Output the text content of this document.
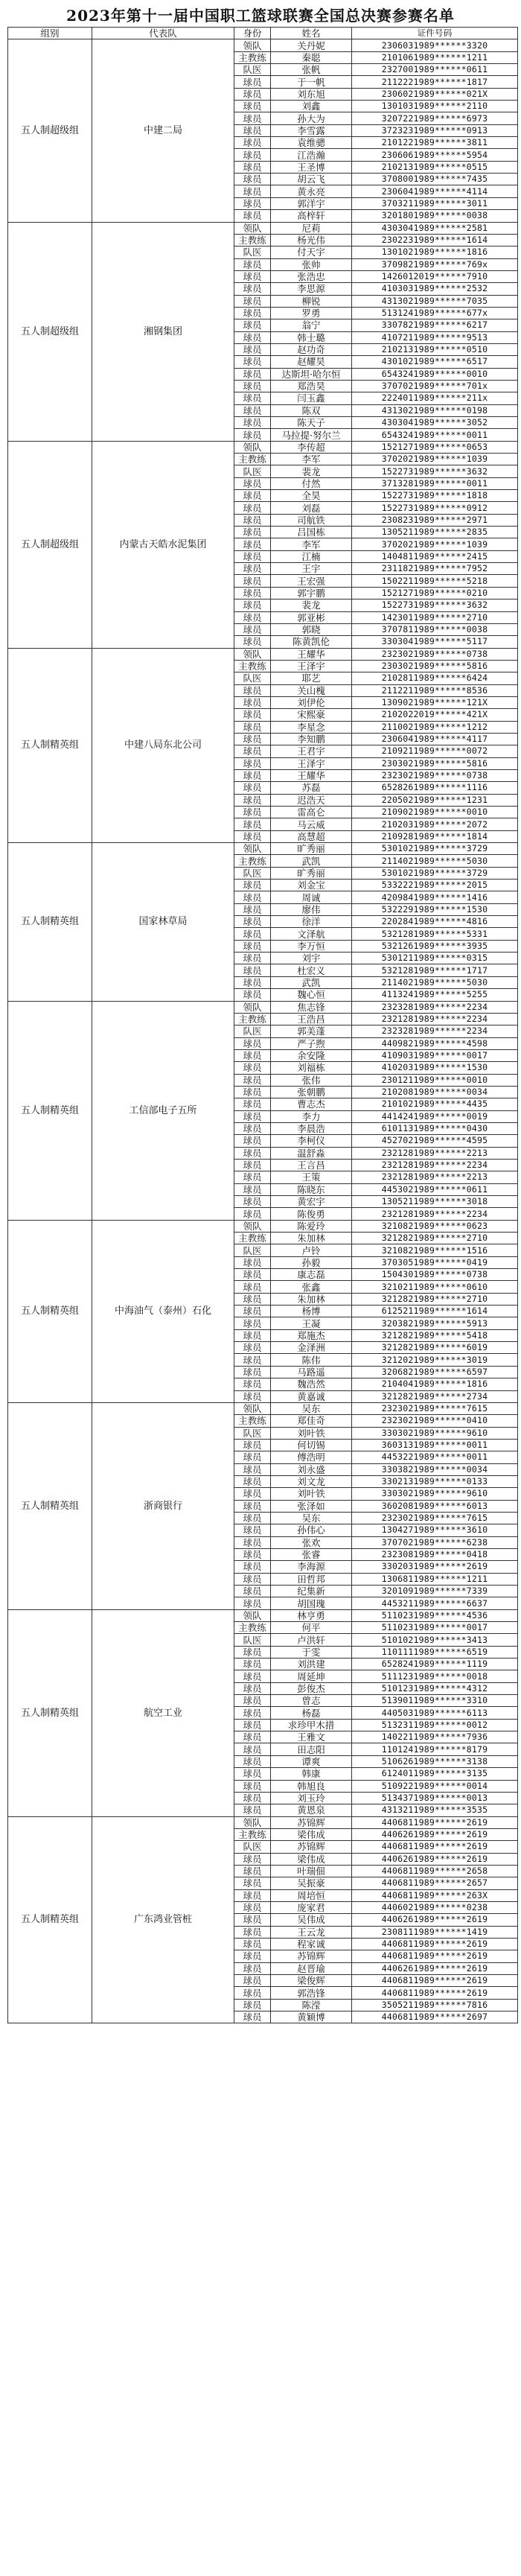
2023年第十一届中国职工篮球联赛全国总决赛参赛名单
组别	代表队	身份	姓名	证件号码
五人制超级组	中建二局	领队	关丹妮	2306031989******3320
		主教练	秦聪	2101061989******1211
		队医	张帆	2327001989******0611
		球员	于一帆	2112221989******1817
		球员	刘东旭	2306021989******021X
		球员	刘鑫	1301031989******2110
		球员	孙大为	3207221989******6973
		球员	李雪露	3723231989******0913
		球员	袁维骢	2101221989******3811
		球员	江浩瀚	2306061989******5954
		球员	王圣博	2102131989******0515
		球员	胡云飞	3708001989******7435
		球员	黄永亮	2306041989******4114
		球员	郭洋宇	3703211989******3011
		球员	高梓轩	3201801989******0038
五人制超级组	湘钢集团	领队	尼莉	4303041989******2581
		主教练	杨光伟	2302231989******1614
		队医	付天宇	1301021989******1816
		球员	张帅	3709821989******769x
		球员	张浩忠	1426012019******7910
		球员	李思源	4103031989******2532
		球员	柳锐	4313021989******7035
		球员	罗勇	5131241989******677x
		球员	翁宁	3307821989******6217
		球员	韩士璐	4107211989******9513
		球员	赵功奇	2102131989******0510
		球员	赵耀昊	4301021989******6517
		球员	达斯坦·哈尔恒	6543241989******0010
		球员	郑浩昊	3707021989******701x
		球员	闫玉鑫	2224011989******211x
		球员	陈双	4313021989******0198
		球员	陈天子	4303041989******3052
		球员	马拉提·努尔兰	6543241989******0011
五人制超级组	内蒙古天皓水泥集团	领队	李传超	1521271989******0653
		主教练	李军	3702021989******1039
		队医	裴龙	1522731989******3632
		球员	付然	3713281989******0011
		球员	全昊	1522731989******1818
		球员	刘磊	1522731989******0912
		球员	司航铁	2308231989******2971
		球员	吕国栋	1305211989******2835
		球员	李军	3702021989******1039
		球员	江楠	1404811989******2415
		球员	王宇	2311821989******7952
		球员	王宏强	1502211989******5218
		球员	郭宇鹏	1521271989******0210
		球员	裴龙	1522731989******3632
		球员	郭亚彬	1423011989******2710
		球员	郭晓	3707811989******0038
		球员	陈黄凯伦	3303041989******5117
五人制精英组	中建八局东北公司	领队	王耀华	2323021989******0738
		主教练	王泽宇	2303021989******5816
		队医	耶艺	2102811989******6424
		球员	关山槐	2112211989******8536
		球员	刘伊伦	1309021989******121X
		球员	宋熙豪	2102022019******421X
		球员	李星念	2110021989******1212
		球员	李知鹏	2306041989******4117
		球员	王君宇	2109211989******0072
		球员	王泽宇	2303021989******5816
		球员	王耀华	2323021989******0738
		球员	苏磊	6528261989******1116
		球员	迟浩天	2205021989******1231
		球员	雷高仑	2109021989******0010
		球员	马云威	2102031989******2072
		球员	高慧超	2109281989******1814
五人制精英组	国家林草局	领队	旷秀丽	5301021989******3729
		主教练	武凯	2114021989******5030
		队医	旷秀丽	5301021989******3729
		球员	刘金宝	5332221989******2015
		球员	周诚	4209841989******1416
		球员	廖伟	5322291989******1530
		球员	徐洋	2202841989******4816
		球员	文泽航	5321281989******5331
		球员	李万恒	5321261989******3935
		球员	刘宇	5301211989******0315
		球员	杜宏义	5321281989******1717
		球员	武凯	2114021989******5030
		球员	魏心恒	4113241989******5255
五人制精英组	工信部电子五所	领队	焦志锋	2323281989******2234
		主教练	王浩昌	2321281989******2234
		队医	郭美蓬	2323281989******2234
		球员	严子煦	4409821989******4598
		球员	余安隆	4109031989******0017
		球员	刘福栋	4102031989******1530
		球员	张伟	2301211989******0010
		球员	张朝鹏	2102081989******0034
		球员	曹志杰	2101021989******4435
		球员	李力	4414241989******0019
		球员	李晨浩	6101131989******0430
		球员	李柯仪	4527021989******4595
		球员	温舒淼	2321281989******2213
		球员	王言昌	2321281989******2234
		球员	王策	2321281989******2213
		球员	陈晓东	4453021989******0611
		球员	黄宏宇	1305211989******3018
		球员	陈俊勇	2321281989******2234
五人制精英组	中海油气（泰州）石化	领队	陈爱玲	3210821989******0623
		主教练	朱加林	3212821989******2710
		队医	卢铃	3210821989******1516
		球员	孙毅	3703051989******0419
		球员	康志磊	1504301989******0738
		球员	张鑫	3210211989******0610
		球员	朱加林	3212821989******2710
		球员	杨博	6125211989******1614
		球员	王凝	3203821989******5913
		球员	郑施杰	3212821989******5418
		球员	金泽洲	3212821989******6019
		球员	陈伟	3212021989******3019
		球员	马路遥	3206821989******6597
		球员	魏浩然	2104041989******1816
		球员	黄嘉诚	3212821989******2734
五人制精英组	浙商银行	领队	吴东	2323021989******7615
		主教练	郑佳奇	2323021989******0410
		队医	刘叶铁	3303021989******9610
		球员	何切锡	3603131989******0011
		球员	傅浩明	4453221989******0011
		球员	刘永盛	3303821989******0034
		球员	刘文龙	3302131989******0133
		球员	刘叶铁	3303021989******9610
		球员	张泽如	3602081989******6013
		球员	吴东	2323021989******7615
		球员	孙伟心	1304271989******3610
		球员	张欢	3707021989******6238
		球员	张睿	2323081989******0418
		球员	李海源	3302031989******2619
		球员	田哲邦	1306811989******1211
		球员	纪集新	3201091989******7339
		球员	胡国瑰	4453211989******6637
五人制精英组	航空工业	领队	林亨勇	5110231989******4536
		主教练	何平	5110231989******0017
		队医	卢洪轩	5101021989******3413
		球员	于雯	1101111989******6519
		球员	刘洪建	6528241989******1119
		球员	周延坤	5111231989******0018
		球员	彭俊杰	5101231989******4312
		球员	曾志	5139011989******3310
		球员	杨磊	4405031989******6113
		球员	求珍甲木措	5132311989******0012
		球员	王雅文	1402211989******7936
		球员	田志阳	1101241989******8179
		球员	谭爽	5106261989******3138
		球员	韩康	6124011989******3135
		球员	韩旭良	5109221989******0014
		球员	刘玉玲	5134371989******0013
		球员	黄恩泉	4313211989******3535
五人制精英组	广东鸿业管桩	领队	苏锦辉	4406811989******2619
		主教练	梁伟成	4406261989******2619
		队医	苏锦辉	4406811989******2619
		球员	梁伟成	4406261989******2619
		球员	叶瑞佃	4406811989******2658
		球员	吴振豪	4406811989******2657
		球员	周培恒	4406811989******263X
		球员	庞家君	4406021989******0238
		球员	吴伟成	4406261989******2619
		球员	王云龙	2308111989******1419
		球员	程家诚	4406811989******2619
		球员	苏锦辉	4406811989******2619
		球员	赵晋瑜	4406261989******2619
		球员	梁俊辉	4406811989******2619
		球员	郭浩锋	4406811989******2619
		球员	陈滢	3505211989******7816
		球员	黄颖博	4406811989******2697
